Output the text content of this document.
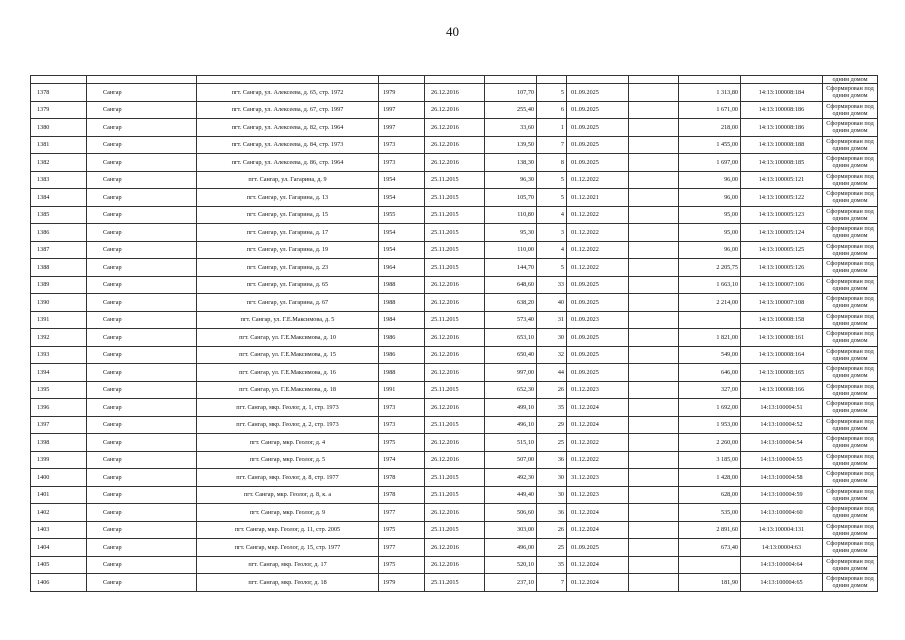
40
											одним домом
1378	Сангар	пгт. Сангар, ул. Алексеева, д. 65, стр. 1972	1979	26.12.2016	107,70	5	01.09.2025		1 313,80	14:13:100008:184	Сформирован под одним домом
1379	Сангар	пгт. Сангар, ул. Алексеева, д. 67, стр. 1997	1997	26.12.2016	255,40	6	01.09.2025		1 671,00	14:13:100008:186	Сформирован под одним домом
1380	Сангар	пгт. Сангар, ул. Алексеева, д. 82, стр. 1964	1997	26.12.2016	33,60	1	01.09.2025		218,00	14:13:100008:186	Сформирован под одним домом
1381	Сангар	пгт. Сангар, ул. Алексеева, д. 84, стр. 1973	1973	26.12.2016	139,50	7	01.09.2025		1 455,00	14:13:100008:188	Сформирован под одним домом
1382	Сангар	пгт. Сангар, ул. Алексеева, д. 86, стр. 1964	1973	26.12.2016	138,30	8	01.09.2025		1 697,00	14:13:100008:185	Сформирован под одним домом
1383	Сангар	пгт. Сангар, ул. Гагарина, д. 9	1954	25.11.2015	96,30	5	01.12.2022		96,00	14:13:100005:121	Сформирован под одним домом
1384	Сангар	пгт. Сангар, ул. Гагарина, д. 13	1954	25.11.2015	105,70	5	01.12.2021		96,00	14:13:100005:122	Сформирован под одним домом
1385	Сангар	пгт. Сангар, ул. Гагарина, д. 15	1955	25.11.2015	110,80	4	01.12.2022		95,00	14:13:100005:123	Сформирован под одним домом
1386	Сангар	пгт. Сангар, ул. Гагарина, д. 17	1954	25.11.2015	95,30	3	01.12.2022		95,00	14:13:100005:124	Сформирован под одним домом
1387	Сангар	пгт. Сангар, ул. Гагарина, д. 19	1954	25.11.2015	110,00	4	01.12.2022		96,00	14:13:100005:125	Сформирован под одним домом
1388	Сангар	пгт. Сангар, ул. Гагарина, д. 23	1964	25.11.2015	144,70	5	01.12.2022		2 205,75	14:13:100005:126	Сформирован под одним домом
1389	Сангар	пгт. Сангар, ул. Гагарина, д. 65	1988	26.12.2016	648,60	33	01.09.2025		1 663,10	14:13:100007:106	Сформирован под одним домом
1390	Сангар	пгт. Сангар, ул. Гагарина, д. 67	1988	26.12.2016	638,20	40	01.09.2025		2 214,00	14:13:100007:108	Сформирован под одним домом
1391	Сангар	пгт. Сангар, ул. Г.Е.Максимова, д. 5	1984	25.11.2015	573,40	31	01.09.2023			14:13:100008:158	Сформирован под одним домом
1392	Сангар	пгт. Сангар, ул. Г.Е.Максимова, д. 10	1986	26.12.2016	653,10	30	01.09.2025		1 821,00	14:13:100008:161	Сформирован под одним домом
1393	Сангар	пгт. Сангар, ул. Г.Е.Максимова, д. 15	1986	26.12.2016	650,40	32	01.09.2025		549,00	14:13:100008:164	Сформирован под одним домом
1394	Сангар	пгт. Сангар, ул. Г.Е.Максимова, д. 16	1988	26.12.2016	997,00	44	01.09.2025		646,00	14:13:100008:165	Сформирован под одним домом
1395	Сангар	пгт. Сангар, ул. Г.Е.Максимова, д. 18	1991	25.11.2015	652,30	26	01.12.2023		327,00	14:13:100008:166	Сформирован под одним домом
1396	Сангар	пгт. Сангар, мкр. Геолог, д. 1, стр. 1973	1973	26.12.2016	499,10	35	01.12.2024		1 692,00	14:13:100004:51	Сформирован под одним домом
1397	Сангар	пгт. Сангар, мкр. Геолог, д. 2, стр. 1973	1973	25.11.2015	496,10	29	01.12.2024		1 953,00	14:13:100004:52	Сформирован под одним домом
1398	Сангар	пгт. Сангар, мкр. Геолог, д. 4	1975	26.12.2016	515,10	25	01.12.2022		2 260,00	14:13:100004:54	Сформирован под одним домом
1399	Сангар	пгт. Сангар, мкр. Геолог, д. 5	1974	26.12.2016	507,00	36	01.12.2022		3 185,00	14:13:100004:55	Сформирован под одним домом
1400	Сангар	пгт. Сангар, мкр. Геолог, д. 8, стр. 1977	1978	25.11.2015	492,30	30	31.12.2023		1 428,00	14:13:100004:58	Сформирован под одним домом
1401	Сангар	пгт. Сангар, мкр. Геолог, д. 8, к. а	1978	25.11.2015	449,40	30	01.12.2023		628,00	14:13:100004:59	Сформирован под одним домом
1402	Сангар	пгт. Сангар, мкр. Геолог, д. 9	1977	26.12.2016	506,60	36	01.12.2024		535,00	14:13:100004:60	Сформирован под одним домом
1403	Сангар	пгт. Сангар, мкр. Геолог, д. 11, стр. 2005	1975	25.11.2015	303,00	26	01.12.2024		2 891,60	14:13:100004:131	Сформирован под одним домом
1404	Сангар	пгт. Сангар, мкр. Геолог, д. 15, стр. 1977	1977	26.12.2016	496,00	25	01.09.2025		673,40	14:13:00004:63	Сформирован под одним домом
1405	Сангар	пгт. Сангар, мкр. Геолог, д. 17	1975	26.12.2016	520,10	35	01.12.2024			14:13:100004:64	Сформирован под одним домом
1406	Сангар	пгт. Сангар, мкр. Геолог, д. 18	1979	25.11.2015	237,10	7	01.12.2024		181,90	14:13:100004:65	Сформирован под одним домом
